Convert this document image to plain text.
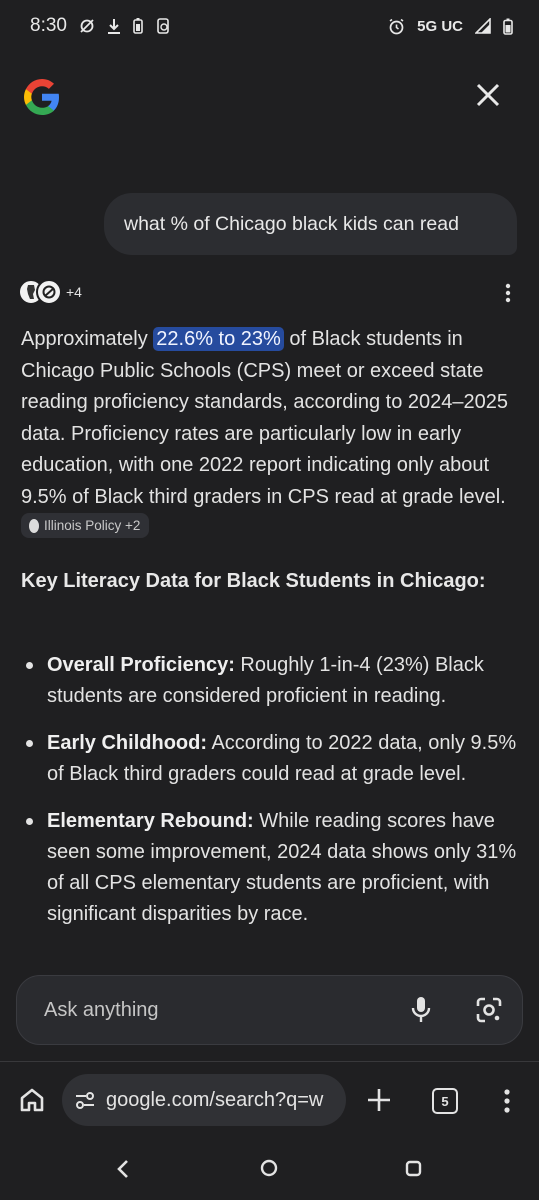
8:30	5G UC
what % of Chicago black kids can read
+4
Approximately 22.6% to 23% of Black students in Chicago Public Schools (CPS) meet or exceed state reading proficiency standards, according to 2024–2025 data. Proficiency rates are particularly low in early education, with one 2022 report indicating only about 9.5% of Black third graders in CPS read at grade level.
Illinois Policy +2
Key Literacy Data for Black Students in Chicago:
Overall Proficiency: Roughly 1-in-4 (23%) Black students are considered proficient in reading.
Early Childhood: According to 2022 data, only 9.5% of Black third graders could read at grade level.
Elementary Rebound: While reading scores have seen some improvement, 2024 data shows only 31% of all CPS elementary students are proficient, with significant disparities by race.
Ask anything
google.com/search?q=w	5
